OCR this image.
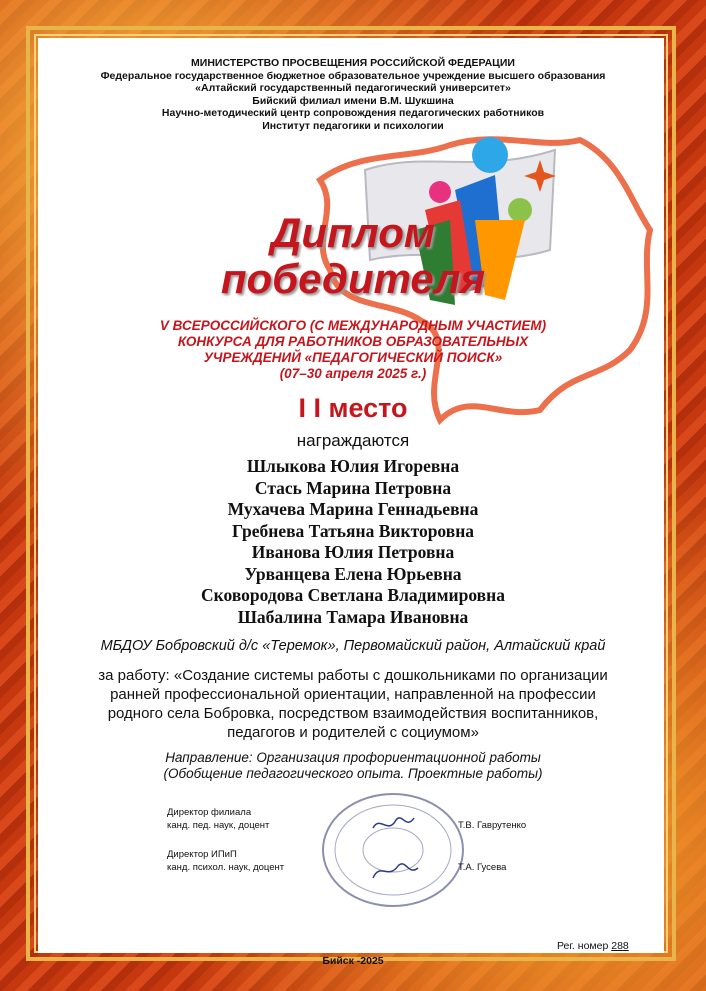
МИНИСТЕРСТВО ПРОСВЕЩЕНИЯ РОССИЙСКОЙ ФЕДЕРАЦИИ
Федеральное государственное бюджетное образовательное учреждение высшего образования
«Алтайский государственный педагогический университет»
Бийский филиал имени В.М. Шукшина
Научно-методический центр сопровождения педагогических работников
Институт педагогики и психологии
Диплом
победителя
V ВСЕРОССИЙСКОГО (С МЕЖДУНАРОДНЫМ УЧАСТИЕМ)
КОНКУРСА ДЛЯ РАБОТНИКОВ ОБРАЗОВАТЕЛЬНЫХ
УЧРЕЖДЕНИЙ «ПЕДАГОГИЧЕСКИЙ ПОИСК»
(07–30 апреля 2025 г.)
I I место
награждаются
Шлыкова Юлия Игоревна
Стась Марина Петровна
Мухачева Марина Геннадьевна
Гребнева Татьяна Викторовна
Иванова Юлия Петровна
Урванцева Елена Юрьевна
Сковородова Светлана Владимировна
Шабалина Тамара Ивановна
МБДОУ Бобровский д/с «Теремок», Первомайский район, Алтайский край
за работу: «Создание системы работы с дошкольниками по организации
ранней профессиональной ориентации, направленной на профессии
родного села Бобровка, посредством взаимодействия воспитанников,
педагогов и родителей с социумом»
Направление: Организация профориентационной работы
(Обобщение педагогического опыта. Проектные работы)
Директор филиала
канд. пед. наук, доцент	Т.В. Гаврутенко
Директор ИПиП
канд. психол. наук, доцент	Т.А. Гусева
Рег. номер 288
Бийск -2025
